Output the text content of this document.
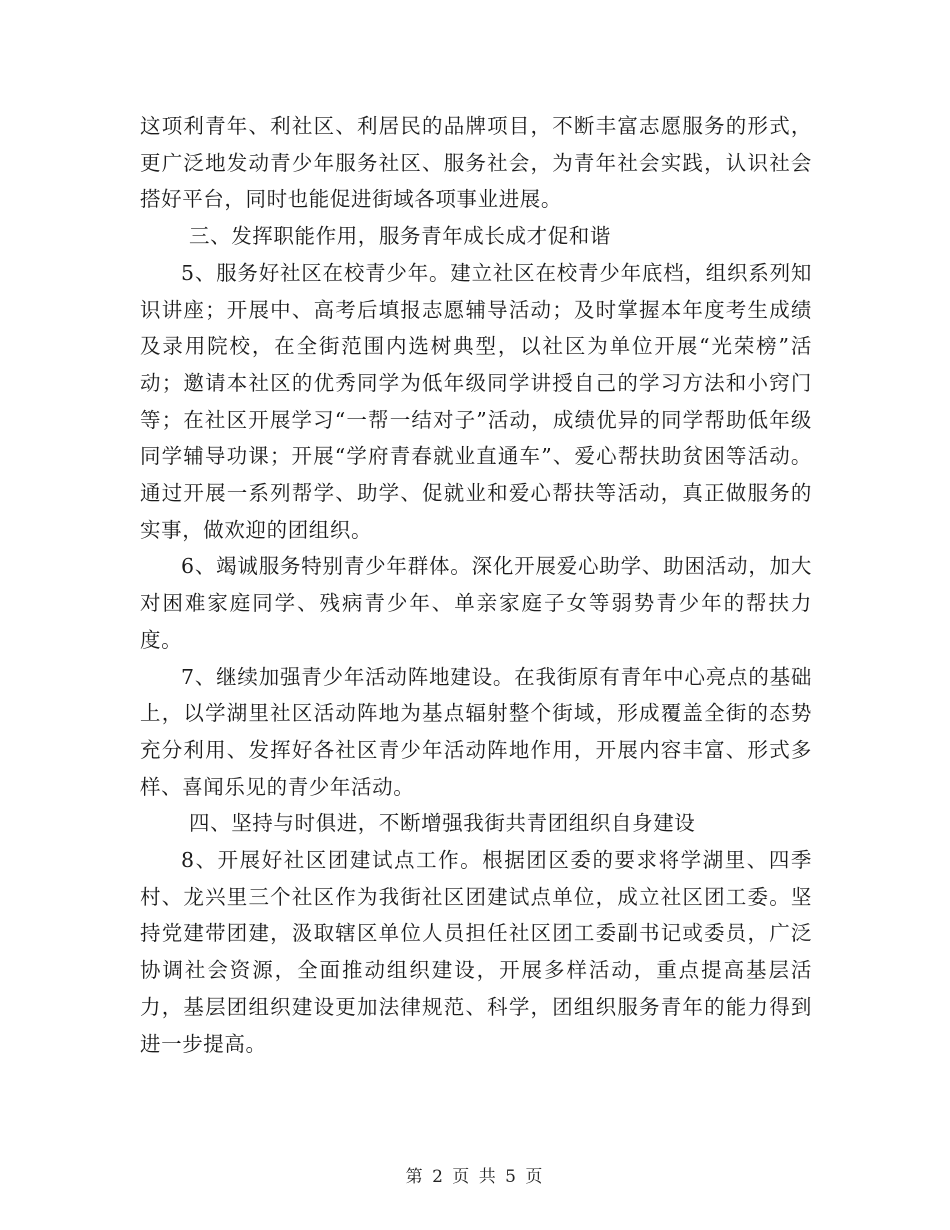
这项利青年、利社区、利居民的品牌项目，不断丰富志愿服务的形式，更广泛地发动青少年服务社区、服务社会，为青年社会实践，认识社会搭好平台，同时也能促进街域各项事业进展。

三、发挥职能作用，服务青年成长成才促和谐

5、服务好社区在校青少年。建立社区在校青少年底档，组织系列知识讲座；开展中、高考后填报志愿辅导活动；及时掌握本年度考生成绩及录用院校，在全街范围内选树典型，以社区为单位开展“光荣榜”活动；邀请本社区的优秀同学为低年级同学讲授自己的学习方法和小窍门等；在社区开展学习“一帮一结对子”活动，成绩优异的同学帮助低年级同学辅导功课；开展“学府青春就业直通车”、爱心帮扶助贫困等活动。通过开展一系列帮学、助学、促就业和爱心帮扶等活动，真正做服务的实事，做欢迎的团组织。

6、竭诚服务特别青少年群体。深化开展爱心助学、助困活动，加大对困难家庭同学、残病青少年、单亲家庭子女等弱势青少年的帮扶力度。

7、继续加强青少年活动阵地建设。在我街原有青年中心亮点的基础上，以学湖里社区活动阵地为基点辐射整个街域，形成覆盖全街的态势充分利用、发挥好各社区青少年活动阵地作用，开展内容丰富、形式多样、喜闻乐见的青少年活动。

四、坚持与时俱进，不断增强我街共青团组织自身建设

8、开展好社区团建试点工作。根据团区委的要求将学湖里、四季村、龙兴里三个社区作为我街社区团建试点单位，成立社区团工委。坚持党建带团建，汲取辖区单位人员担任社区团工委副书记或委员，广泛协调社会资源，全面推动组织建设，开展多样活动，重点提高基层活力，基层团组织建设更加法律规范、科学，团组织服务青年的能力得到进一步提高。

第 2 页 共 5 页
